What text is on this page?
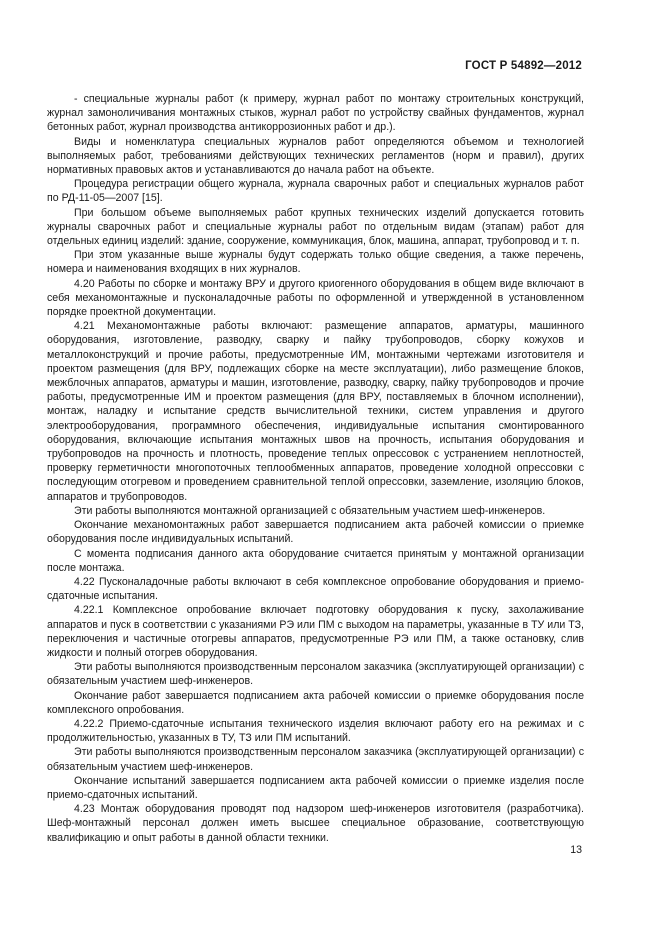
ГОСТ Р 54892—2012

- специальные журналы работ (к примеру, журнал работ по монтажу строительных конструкций, журнал замоноличивания монтажных стыков, журнал работ по устройству свайных фундаментов, журнал бетонных работ, журнал производства антикоррозионных работ и др.).

Виды и номенклатура специальных журналов работ определяются объемом и технологией выполняемых работ, требованиями действующих технических регламентов (норм и правил), других нормативных правовых актов и устанавливаются до начала работ на объекте.

Процедура регистрации общего журнала, журнала сварочных работ и специальных журналов работ по РД-11-05—2007 [15].

При большом объеме выполняемых работ крупных технических изделий допускается готовить журналы сварочных работ и специальные журналы работ по отдельным видам (этапам) работ для отдельных единиц изделий: здание, сооружение, коммуникация, блок, машина, аппарат, трубопровод и т. п.

При этом указанные выше журналы будут содержать только общие сведения, а также перечень, номера и наименования входящих в них журналов.

4.20 Работы по сборке и монтажу ВРУ и другого криогенного оборудования в общем виде включают в себя механомонтажные и пусконаладочные работы по оформленной и утвержденной в установленном порядке проектной документации.

4.21 Механомонтажные работы включают: размещение аппаратов, арматуры, машинного оборудования, изготовление, разводку, сварку и пайку трубопроводов, сборку кожухов и металлоконструкций и прочие работы, предусмотренные ИМ, монтажными чертежами изготовителя и проектом размещения (для ВРУ, подлежащих сборке на месте эксплуатации), либо размещение блоков, межблочных аппаратов, арматуры и машин, изготовление, разводку, сварку, пайку трубопроводов и прочие работы, предусмотренные ИМ и проектом размещения (для ВРУ, поставляемых в блочном исполнении), монтаж, наладку и испытание средств вычислительной техники, систем управления и другого электрооборудования, программного обеспечения, индивидуальные испытания смонтированного оборудования, включающие испытания монтажных швов на прочность, испытания оборудования и трубопроводов на прочность и плотность, проведение теплых опрессовок с устранением неплотностей, проверку герметичности многопоточных теплообменных аппаратов, проведение холодной опрессовки с последующим отогревом и проведением сравнительной теплой опрессовки, заземление, изоляцию блоков, аппаратов и трубопроводов.

Эти работы выполняются монтажной организацией с обязательным участием шеф-инженеров.

Окончание механомонтажных работ завершается подписанием акта рабочей комиссии о приемке оборудования после индивидуальных испытаний.

С момента подписания данного акта оборудование считается принятым у монтажной организации после монтажа.

4.22 Пусконаладочные работы включают в себя комплексное опробование оборудования и приемо-сдаточные испытания.

4.22.1 Комплексное опробование включает подготовку оборудования к пуску, захолаживание аппаратов и пуск в соответствии с указаниями РЭ или ПМ с выходом на параметры, указанные в ТУ или ТЗ, переключения и частичные отогревы аппаратов, предусмотренные РЭ или ПМ, а также остановку, слив жидкости и полный отогрев оборудования.

Эти работы выполняются производственным персоналом заказчика (эксплуатирующей организации) с обязательным участием шеф-инженеров.

Окончание работ завершается подписанием акта рабочей комиссии о приемке оборудования после комплексного опробования.

4.22.2 Приемо-сдаточные испытания технического изделия включают работу его на режимах и с продолжительностью, указанных в ТУ, ТЗ или ПМ испытаний.

Эти работы выполняются производственным персоналом заказчика (эксплуатирующей организации) с обязательным участием шеф-инженеров.

Окончание испытаний завершается подписанием акта рабочей комиссии о приемке изделия после приемо-сдаточных испытаний.

4.23 Монтаж оборудования проводят под надзором шеф-инженеров изготовителя (разработчика). Шеф-монтажный персонал должен иметь высшее специальное образование, соответствующую квалификацию и опыт работы в данной области техники.

13
